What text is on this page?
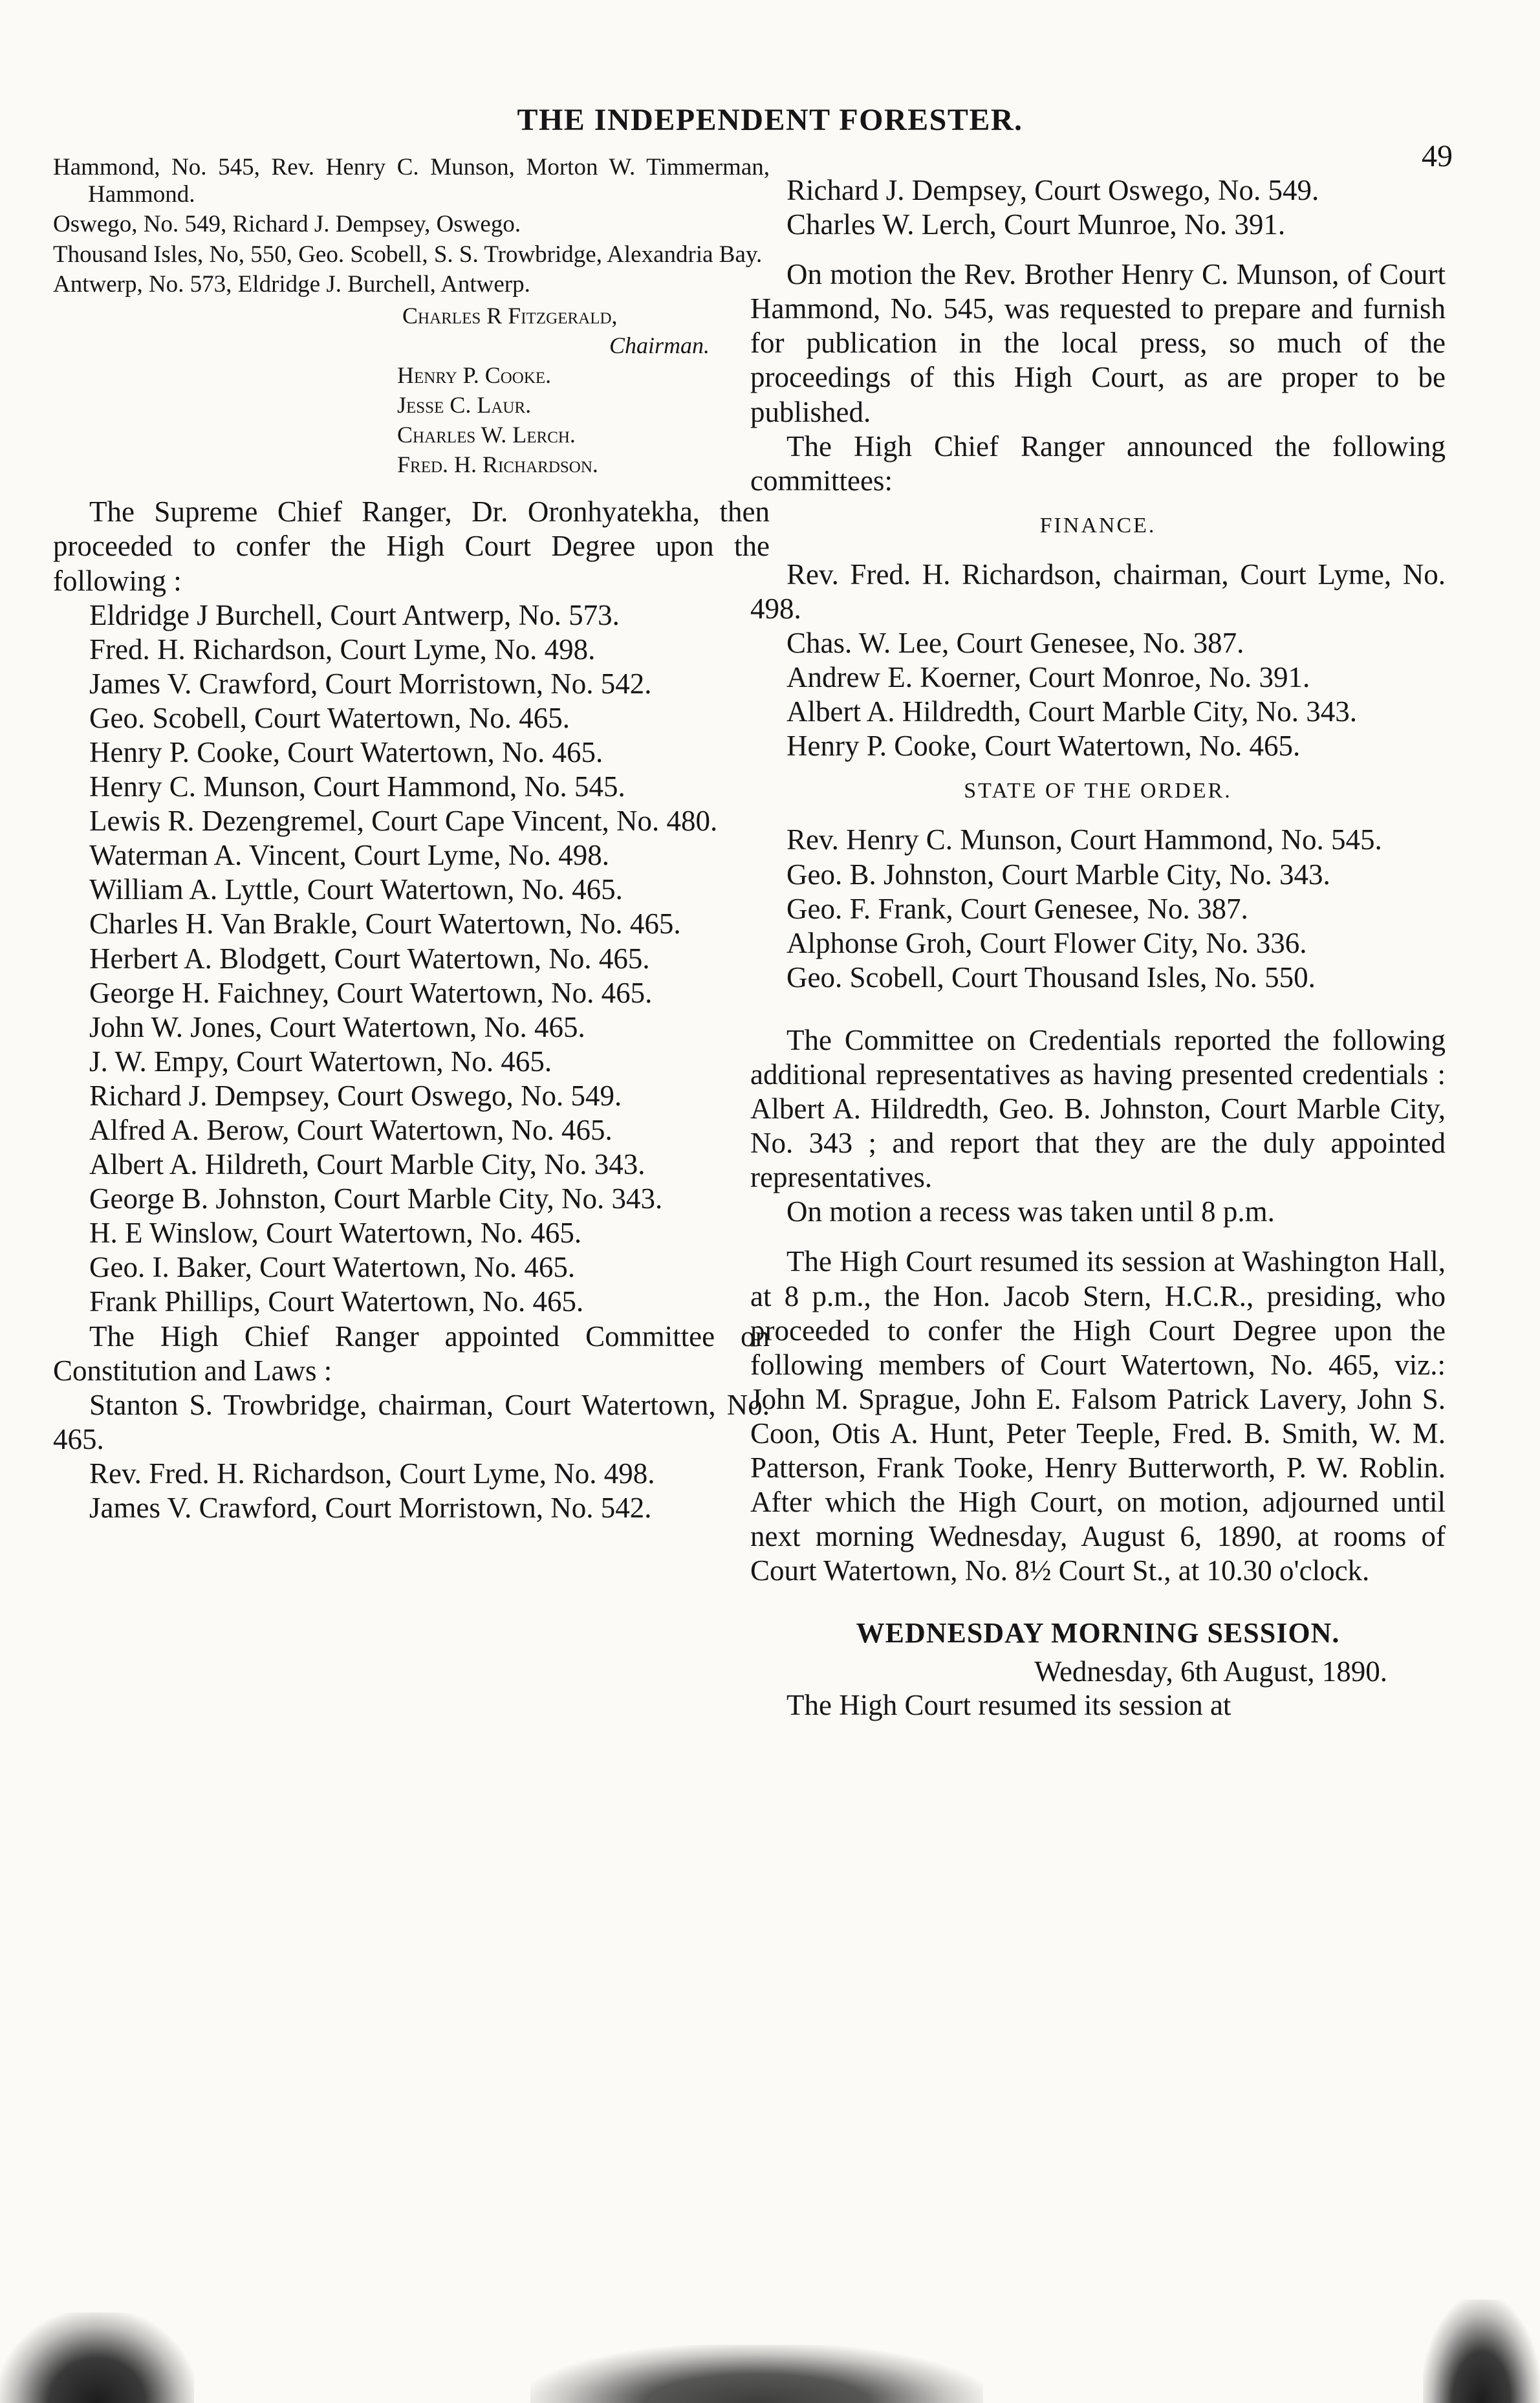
THE INDEPENDENT FORESTER.
49

Hammond, No. 545, Rev. Henry C. Munson, Morton W. Timmerman, Hammond.

Oswego, No. 549, Richard J. Dempsey, Oswego.

Thousand Isles, No, 550, Geo. Scobell, S. S. Trowbridge, Alexandria Bay.

Antwerp, No. 573, Eldridge J. Burchell, Antwerp.

Charles R Fitzgerald,

Chairman.

Henry P. Cooke.

Jesse C. Laur.

Charles W. Lerch.

Fred. H. Richardson.

The Supreme Chief Ranger, Dr. Oronhyatekha, then proceeded to confer the High Court Degree upon the following :

Eldridge J Burchell, Court Antwerp, No. 573.

Fred. H. Richardson, Court Lyme, No. 498.

James V. Crawford, Court Morristown, No. 542.

Geo. Scobell, Court Watertown, No. 465.

Henry P. Cooke, Court Watertown, No. 465.

Henry C. Munson, Court Hammond, No. 545.

Lewis R. Dezengremel, Court Cape Vincent, No. 480.

Waterman A. Vincent, Court Lyme, No. 498.

William A. Lyttle, Court Watertown, No. 465.

Charles H. Van Brakle, Court Watertown, No. 465.

Herbert A. Blodgett, Court Watertown, No. 465.

George H. Faichney, Court Watertown, No. 465.

John W. Jones, Court Watertown, No. 465.

J. W. Empy, Court Watertown, No. 465.

Richard J. Dempsey, Court Oswego, No. 549.

Alfred A. Berow, Court Watertown, No. 465.

Albert A. Hildreth, Court Marble City, No. 343.

George B. Johnston, Court Marble City, No. 343.

H. E Winslow, Court Watertown, No. 465.

Geo. I. Baker, Court Watertown, No. 465.

Frank Phillips, Court Watertown, No. 465.

The High Chief Ranger appointed Committee on Constitution and Laws :

Stanton S. Trowbridge, chairman, Court Watertown, No. 465.

Rev. Fred. H. Richardson, Court Lyme, No. 498.

James V. Crawford, Court Morristown, No. 542.

Richard J. Dempsey, Court Oswego, No. 549.

Charles W. Lerch, Court Munroe, No. 391.

On motion the Rev. Brother Henry C. Munson, of Court Hammond, No. 545, was requested to prepare and furnish for publication in the local press, so much of the proceedings of this High Court, as are proper to be published.

The High Chief Ranger announced the following committees:

FINANCE.

Rev. Fred. H. Richardson, chairman, Court Lyme, No. 498.

Chas. W. Lee, Court Genesee, No. 387.

Andrew E. Koerner, Court Monroe, No. 391.

Albert A. Hildredth, Court Marble City, No. 343.

Henry P. Cooke, Court Watertown, No. 465.

STATE OF THE ORDER.

Rev. Henry C. Munson, Court Hammond, No. 545.

Geo. B. Johnston, Court Marble City, No. 343.

Geo. F. Frank, Court Genesee, No. 387.

Alphonse Groh, Court Flower City, No. 336.

Geo. Scobell, Court Thousand Isles, No. 550.

The Committee on Credentials reported the following additional representatives as having presented credentials : Albert A. Hildredth, Geo. B. Johnston, Court Marble City, No. 343 ; and report that they are the duly appointed representatives.

On motion a recess was taken until 8 p.m.

The High Court resumed its session at Washington Hall, at 8 p.m., the Hon. Jacob Stern, H.C.R., presiding, who proceeded to confer the High Court Degree upon the following members of Court Watertown, No. 465, viz.: John M. Sprague, John E. Falsom Patrick Lavery, John S. Coon, Otis A. Hunt, Peter Teeple, Fred. B. Smith, W. M. Patterson, Frank Tooke, Henry Butterworth, P. W. Roblin. After which the High Court, on motion, adjourned until next morning Wednesday, August 6, 1890, at rooms of Court Watertown, No. 8½ Court St., at 10.30 o'clock.

WEDNESDAY MORNING SESSION.

Wednesday, 6th August, 1890.

The High Court resumed its session at
